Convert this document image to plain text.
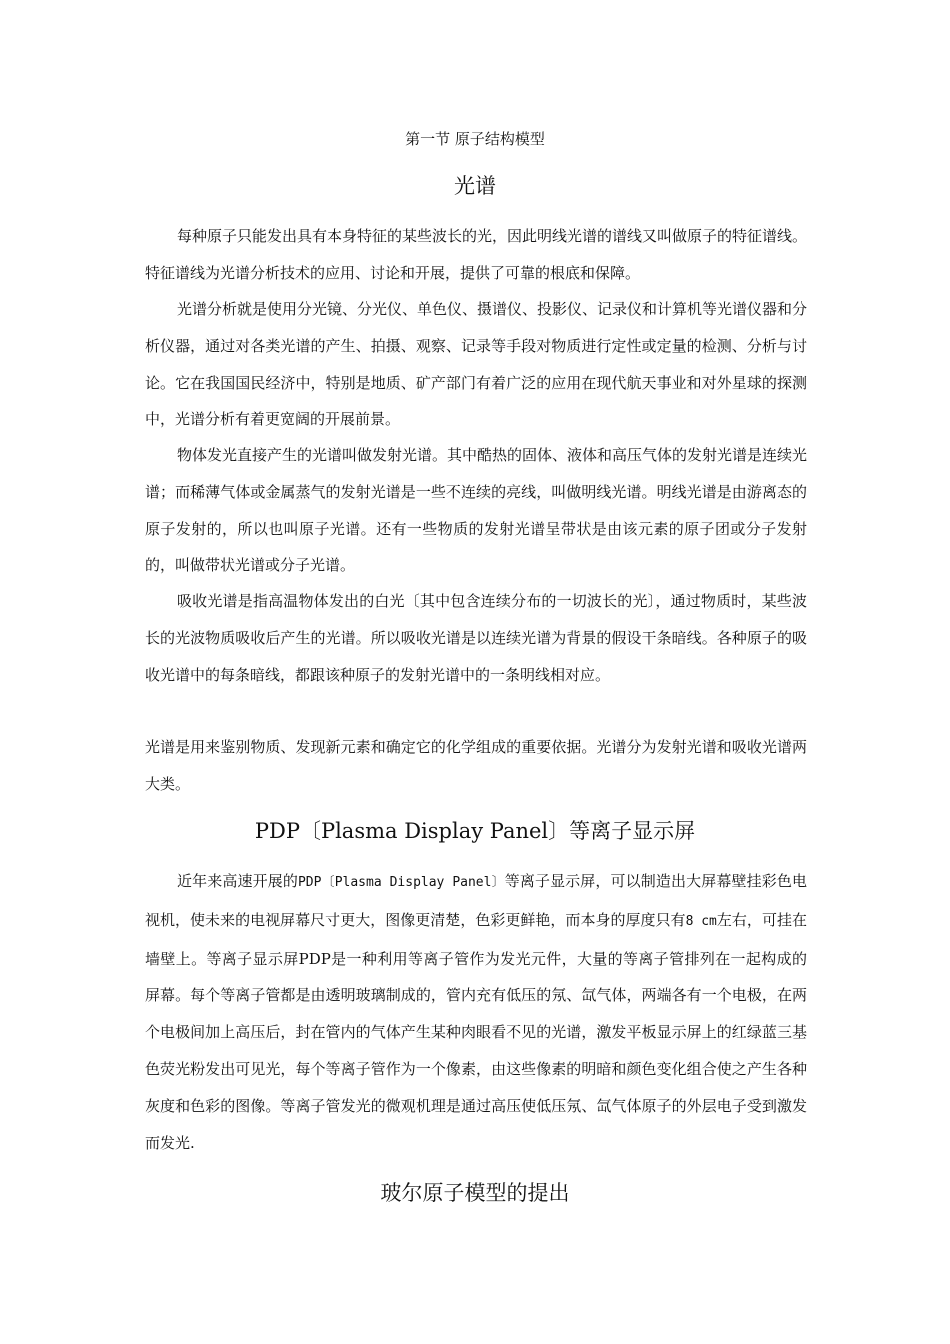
第一节 原子结构模型
光谱

每种原子只能发出具有本身特征的某些波长的光，因此明线光谱的谱线又叫做原子的特征谱线。特征谱线为光谱分析技术的应用、讨论和开展，提供了可靠的根底和保障。

光谱分析就是使用分光镜、分光仪、单色仪、摄谱仪、投影仪、记录仪和计算机等光谱仪器和分析仪器，通过对各类光谱的产生、拍摄、观察、记录等手段对物质进行定性或定量的检测、分析与讨论。它在我国国民经济中，特别是地质、矿产部门有着广泛的应用在现代航天事业和对外星球的探测中，光谱分析有着更宽阔的开展前景。

物体发光直接产生的光谱叫做发射光谱。其中酷热的固体、液体和高压气体的发射光谱是连续光谱；而稀薄气体或金属蒸气的发射光谱是一些不连续的亮线，叫做明线光谱。明线光谱是由游离态的原子发射的，所以也叫原子光谱。还有一些物质的发射光谱呈带状是由该元素的原子团或分子发射的，叫做带状光谱或分子光谱。

吸收光谱是指高温物体发出的白光〔其中包含连续分布的一切波长的光〕，通过物质时，某些波长的光波物质吸收后产生的光谱。所以吸收光谱是以连续光谱为背景的假设干条暗线。各种原子的吸收光谱中的每条暗线，都跟该种原子的发射光谱中的一条明线相对应。

光谱是用来鉴别物质、发现新元素和确定它的化学组成的重要依据。光谱分为发射光谱和吸收光谱两大类。

PDP〔Plasma Display Panel〕等离子显示屏

近年来高速开展的PDP〔Plasma Display Panel〕等离子显示屏，可以制造出大屏幕壁挂彩色电视机，使未来的电视屏幕尺寸更大，图像更清楚，色彩更鲜艳，而本身的厚度只有8 cm左右，可挂在墙壁上。等离子显示屏PDP是一种利用等离子管作为发光元件，大量的等离子管排列在一起构成的屏幕。每个等离子管都是由透明玻璃制成的，管内充有低压的氖、氙气体，两端各有一个电极，在两个电极间加上高压后，封在管内的气体产生某种肉眼看不见的光谱，激发平板显示屏上的红绿蓝三基色荧光粉发出可见光，每个等离子管作为一个像素，由这些像素的明暗和颜色变化组合使之产生各种灰度和色彩的图像。等离子管发光的微观机理是通过高压使低压氖、氙气体原子的外层电子受到激发而发光.

玻尔原子模型的提出
